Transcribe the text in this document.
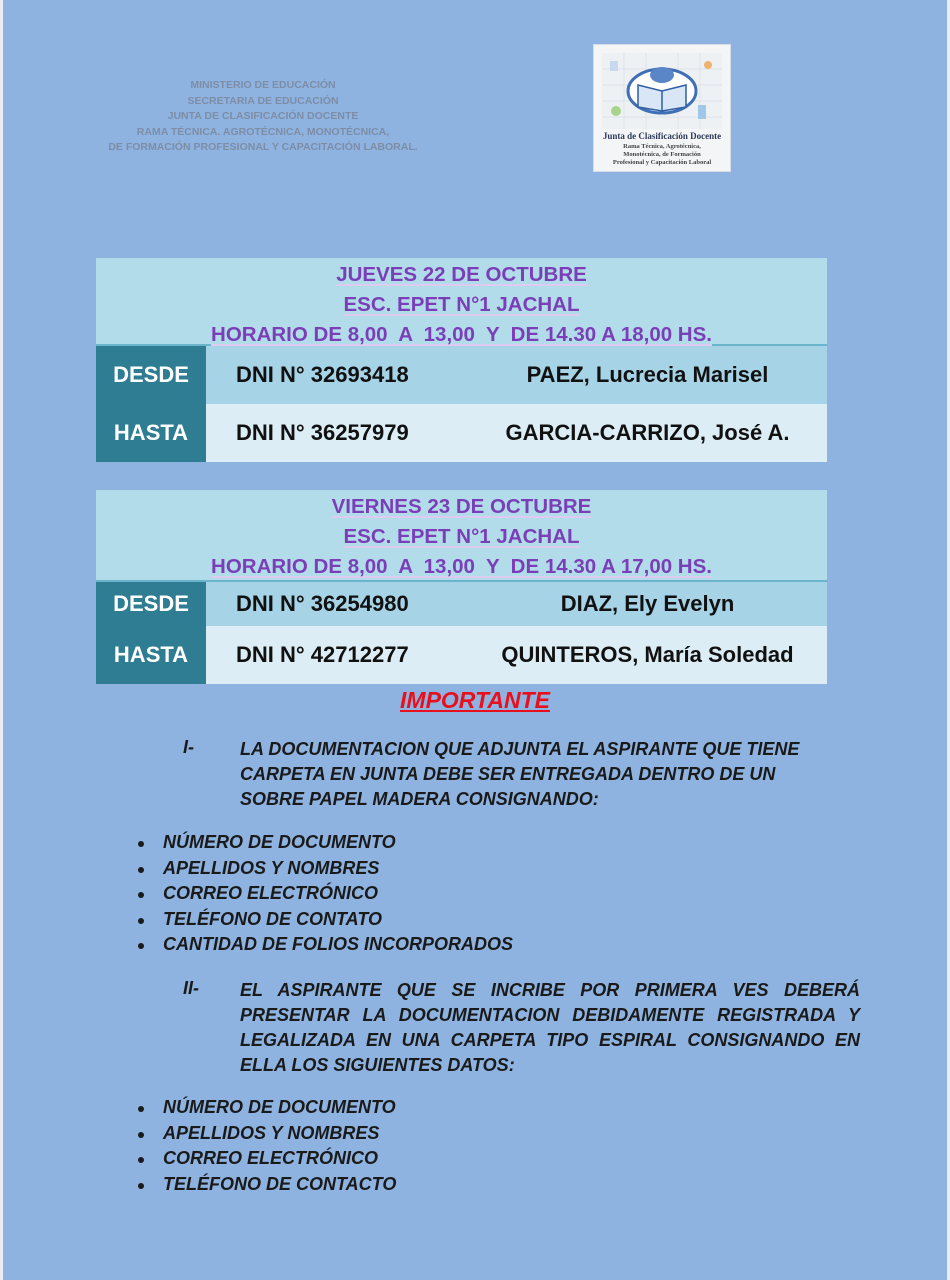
MINISTERIO DE EDUCACIÓN
SECRETARIA DE EDUCACIÓN
JUNTA DE CLASIFICACIÓN DOCENTE
RAMA TÉCNICA. AGROTÉCNICA, MONOTÉCNICA,
DE FORMACIÓN PROFESIONAL Y CAPACITACIÓN LABORAL.
Junta de Clasificación Docente
Rama Técnica, Agrotécnica,
Monotécnica, de Formación
Profesional y Capacitación Laboral
JUEVES 22 DE OCTUBRE
ESC. EPET N°1 JACHAL
HORARIO DE 8,00  A  13,00  Y  DE 14.30 A 18,00 HS.
DESDE	DNI N° 32693418	PAEZ, Lucrecia Marisel
HASTA	DNI N° 36257979	GARCIA-CARRIZO, José A.
VIERNES 23 DE OCTUBRE
ESC. EPET N°1 JACHAL
HORARIO DE 8,00  A  13,00  Y  DE 14.30 A 17,00 HS.
DESDE	DNI N° 36254980	DIAZ, Ely Evelyn
HASTA	DNI N° 42712277	QUINTEROS, María Soledad
IMPORTANTE
I-	LA DOCUMENTACION QUE ADJUNTA EL ASPIRANTE QUE TIENE CARPETA EN JUNTA DEBE SER ENTREGADA DENTRO DE UN SOBRE PAPEL MADERA CONSIGNANDO:
NÚMERO DE DOCUMENTO
APELLIDOS Y NOMBRES
CORREO ELECTRÓNICO
TELÉFONO DE CONTATO
CANTIDAD DE FOLIOS INCORPORADOS
II- EL ASPIRANTE QUE SE INCRIBE POR PRIMERA VES DEBERÁ PRESENTAR LA DOCUMENTACION DEBIDAMENTE REGISTRADA Y LEGALIZADA EN UNA CARPETA TIPO ESPIRAL CONSIGNANDO EN ELLA LOS SIGUIENTES DATOS:
NÚMERO DE DOCUMENTO
APELLIDOS Y NOMBRES
CORREO ELECTRÓNICO
TELÉFONO DE CONTACTO
